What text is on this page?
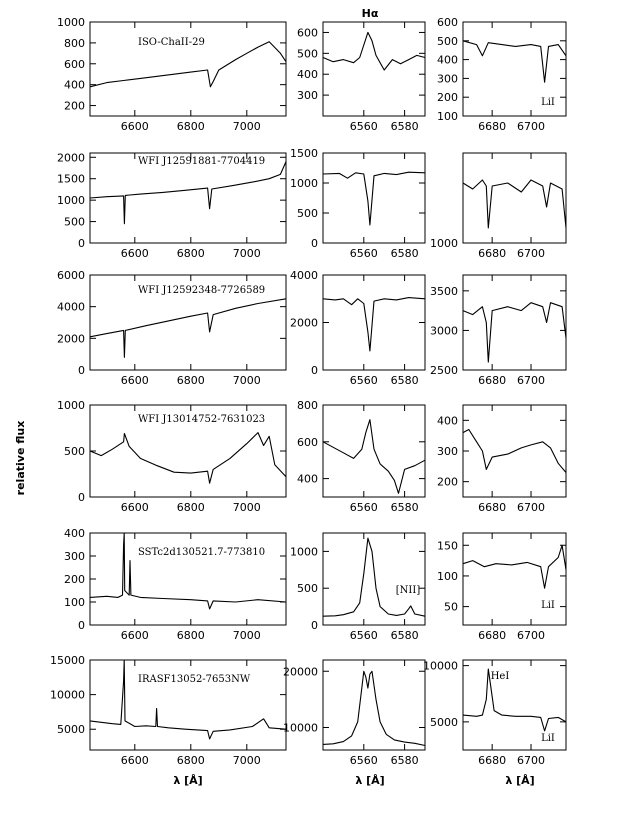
Hα
relative flux
λ [Å]	λ [Å]	λ [Å]
6600	6800	7000
200
400
600
800
1000
ISO-ChaII-29
6560 6580
300
400
500
600
6680 6700
100
200
300
400
500
600
LiI
6600	6800	7000
0
500
1000
1500
2000	WFI J12591881-7704419
6560 6580
0
500
1000
1500
6680 6700
1000
6600	6800	7000
0
2000
4000
6000
WFI J12592348-7726589
6560 6580
0
2000
4000
6680 6700
2500
3000
3500
6600	6800	7000
0
500
1000
WFI J13014752-7631023
6560 6580
400
600
800
6680 6700
200
300
400
6600	6800	7000
0
100
200
300
400
SSTc2d130521.7-773810
6560 6580
0
500
1000
[NII]
6680 6700
50
100
150
LiI
6600	6800	7000
5000
10000
15000
IRASF13052-7653NW
6560 6580
10000
20000
6680 6700
5000
10000
HeI
LiI
